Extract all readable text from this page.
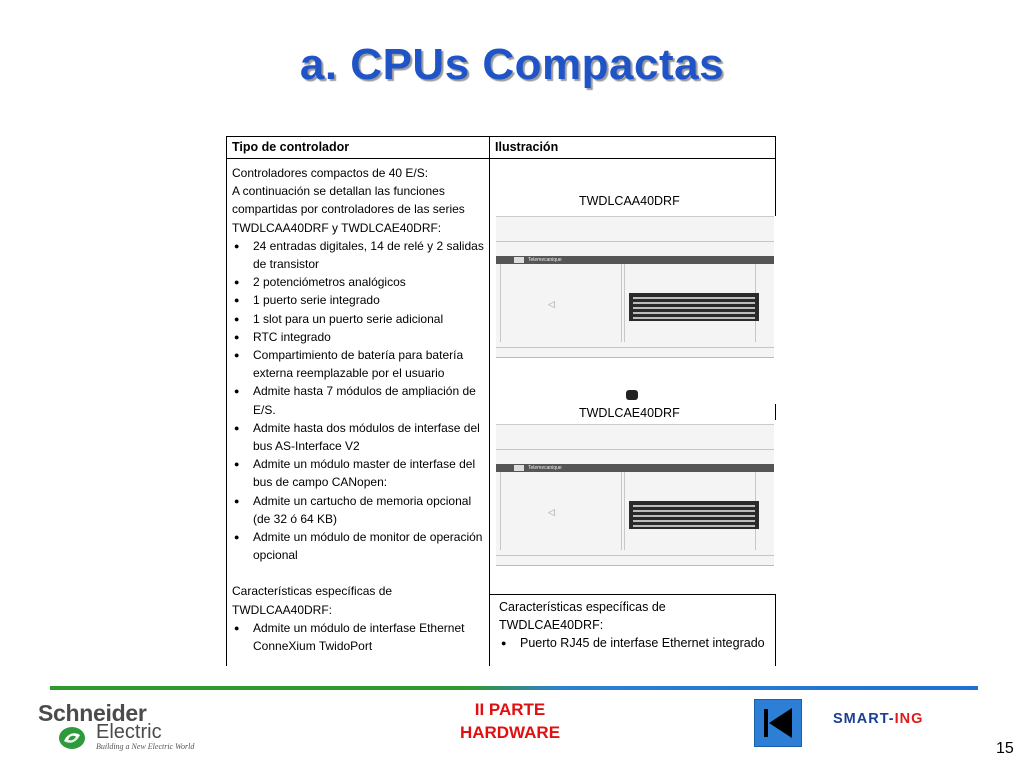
a. CPUs Compactas
Tipo de controlador	Ilustración

Controladores compactos de 40 E/S:

A continuación se detallan las funciones

compartidas por controladores de las series

TWDLCAA40DRF y TWDLCAE40DRF:

● 24 entradas digitales, 14 de relé y 2 salidas de transistor
● 2 potenciómetros analógicos
● 1 puerto serie integrado
● 1 slot para un puerto serie adicional
● RTC integrado
● Compartimiento de batería para batería externa reemplazable por el usuario
● Admite hasta 7 módulos de ampliación de E/S.
● Admite hasta dos módulos de interfase del bus AS-Interface V2
● Admite un módulo master de interfase del bus de campo CANopen:
● Admite un cartucho de memoria opcional (de 32 ó 64 KB)
● Admite un módulo de monitor de operación opcional

Características específicas de

TWDLCAA40DRF:

● Admite un módulo de interfase Ethernet ConneXium TwidoPort
TWDLCAA40DRF
Telemecanique
◁
TWDLCAE40DRF
Telemecanique
◁
Características específicas de
TWDLCAE40DRF:
● Puerto RJ45 de interfase Ethernet integrado
Schneider
Electric
Building a New Electric World
II PARTE
HARDWARE
SMART-ING
15
